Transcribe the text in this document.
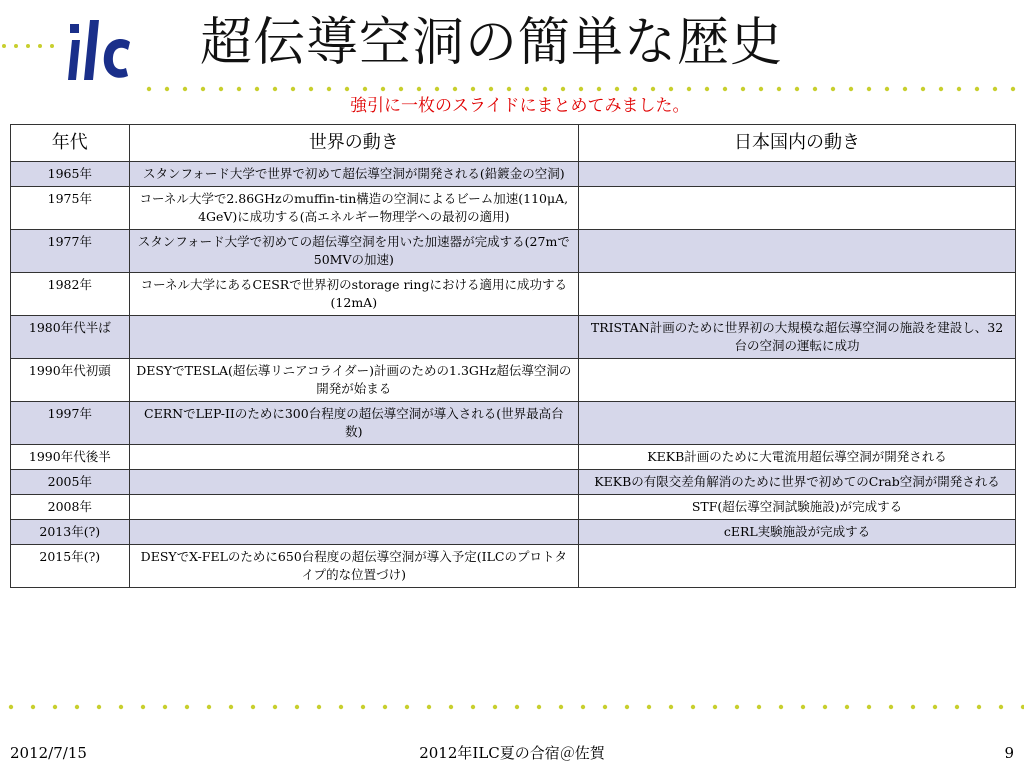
超伝導空洞の簡単な歴史
強引に一枚のスライドにまとめてみました。
年代	世界の動き	日本国内の動き
1965年	スタンフォード大学で世界で初めて超伝導空洞が開発される(鉛鍍金の空洞)	
1975年	コーネル大学で2.86GHzのmuffin-tin構造の空洞によるビーム加速(110μA, 4GeV)に成功する(高エネルギー物理学への最初の適用)	
1977年	スタンフォード大学で初めての超伝導空洞を用いた加速器が完成する(27mで50MVの加速)	
1982年	コーネル大学にあるCESRで世界初のstorage ringにおける適用に成功する(12mA)	
1980年代半ば		TRISTAN計画のために世界初の大規模な超伝導空洞の施設を建設し、32台の空洞の運転に成功
1990年代初頭	DESYでTESLA(超伝導リニアコライダー)計画のための1.3GHz超伝導空洞の開発が始まる	
1997年	CERNでLEP-IIのために300台程度の超伝導空洞が導入される(世界最高台数)	
1990年代後半		KEKB計画のために大電流用超伝導空洞が開発される
2005年		KEKBの有限交差角解消のために世界で初めてのCrab空洞が開発される
2008年		STF(超伝導空洞試験施設)が完成する
2013年(?)		cERL実験施設が完成する
2015年(?)	DESYでX-FELのために650台程度の超伝導空洞が導入予定(ILCのプロトタイプ的な位置づけ)	
2012/7/15	2012年ILC夏の合宿＠佐賀	9
